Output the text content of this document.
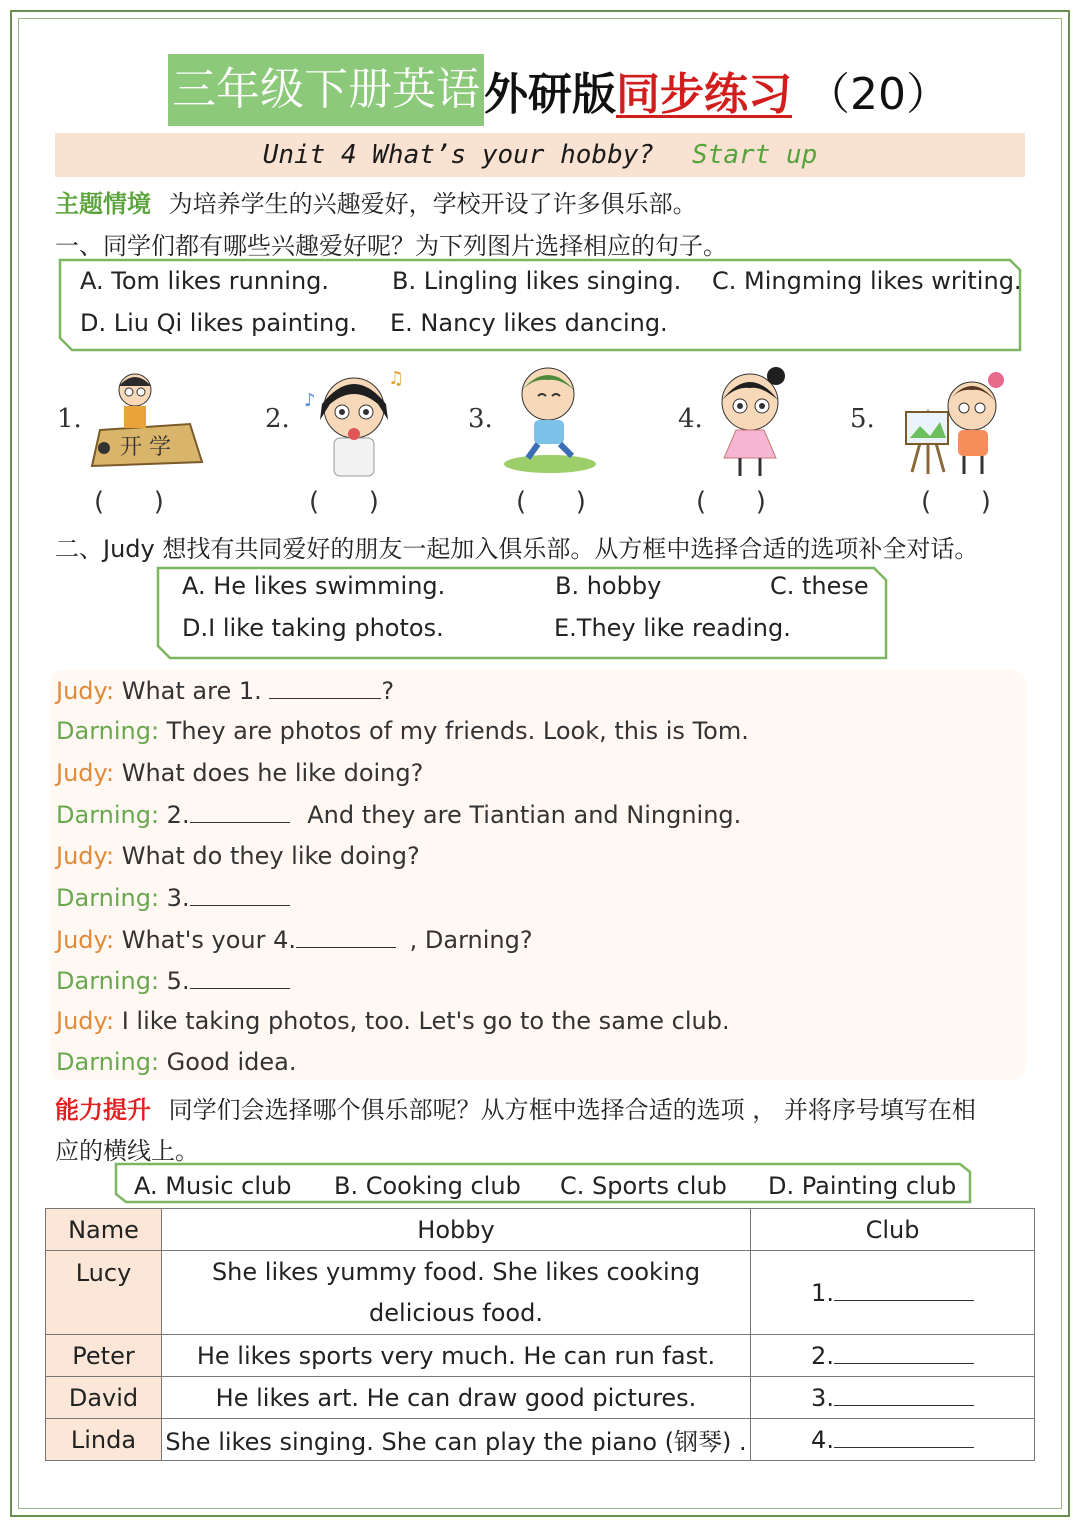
三年级下册英语 外研版 同步练习 （20）
Unit 4 What’s your hobby? Start up
主题情境 为培养学生的兴趣爱好，学校开设了许多俱乐部。
一、同学们都有哪些兴趣爱好呢？为下列图片选择相应的句子。
A. Tom likes running.	B. Lingling likes singing. C. Mingming likes writing.
D. Liu Qi likes painting. E. Nancy likes dancing.
1.
开 学
2.
♪
♫
3.	4.	5.
(      )	(      )	(      )	(      )	(      )
二、Judy 想找有共同爱好的朋友一起加入俱乐部。从方框中选择合适的选项补全对话。
A. He likes swimming.	B. hobby	C. these
D.I like taking photos.	E.They like reading.
Judy: What are 1.	?
Darning: They are photos of my friends. Look, this is Tom.
Judy: What does he like doing?
Darning: 2.	And they are Tiantian and Ningning.
Judy: What do they like doing?
Darning: 3.
Judy: What's your 4.	, Darning?
Darning: 5.
Judy: I like taking photos, too. Let's go to the same club.
Darning: Good idea.
能力提升 同学们会选择哪个俱乐部呢？从方框中选择合适的选项 ， 并将序号填写在相
应的横线上。
A. Music club B. Cooking club C. Sports club D. Painting club
Name	Hobby	Club
Lucy	She likes yummy food. She likes cooking delicious food.	1.
Peter	He likes sports very much. He can run fast.	2.
David	He likes art. He can draw good pictures.	3.
Linda	She likes singing. She can play the piano (钢琴) .	4.
